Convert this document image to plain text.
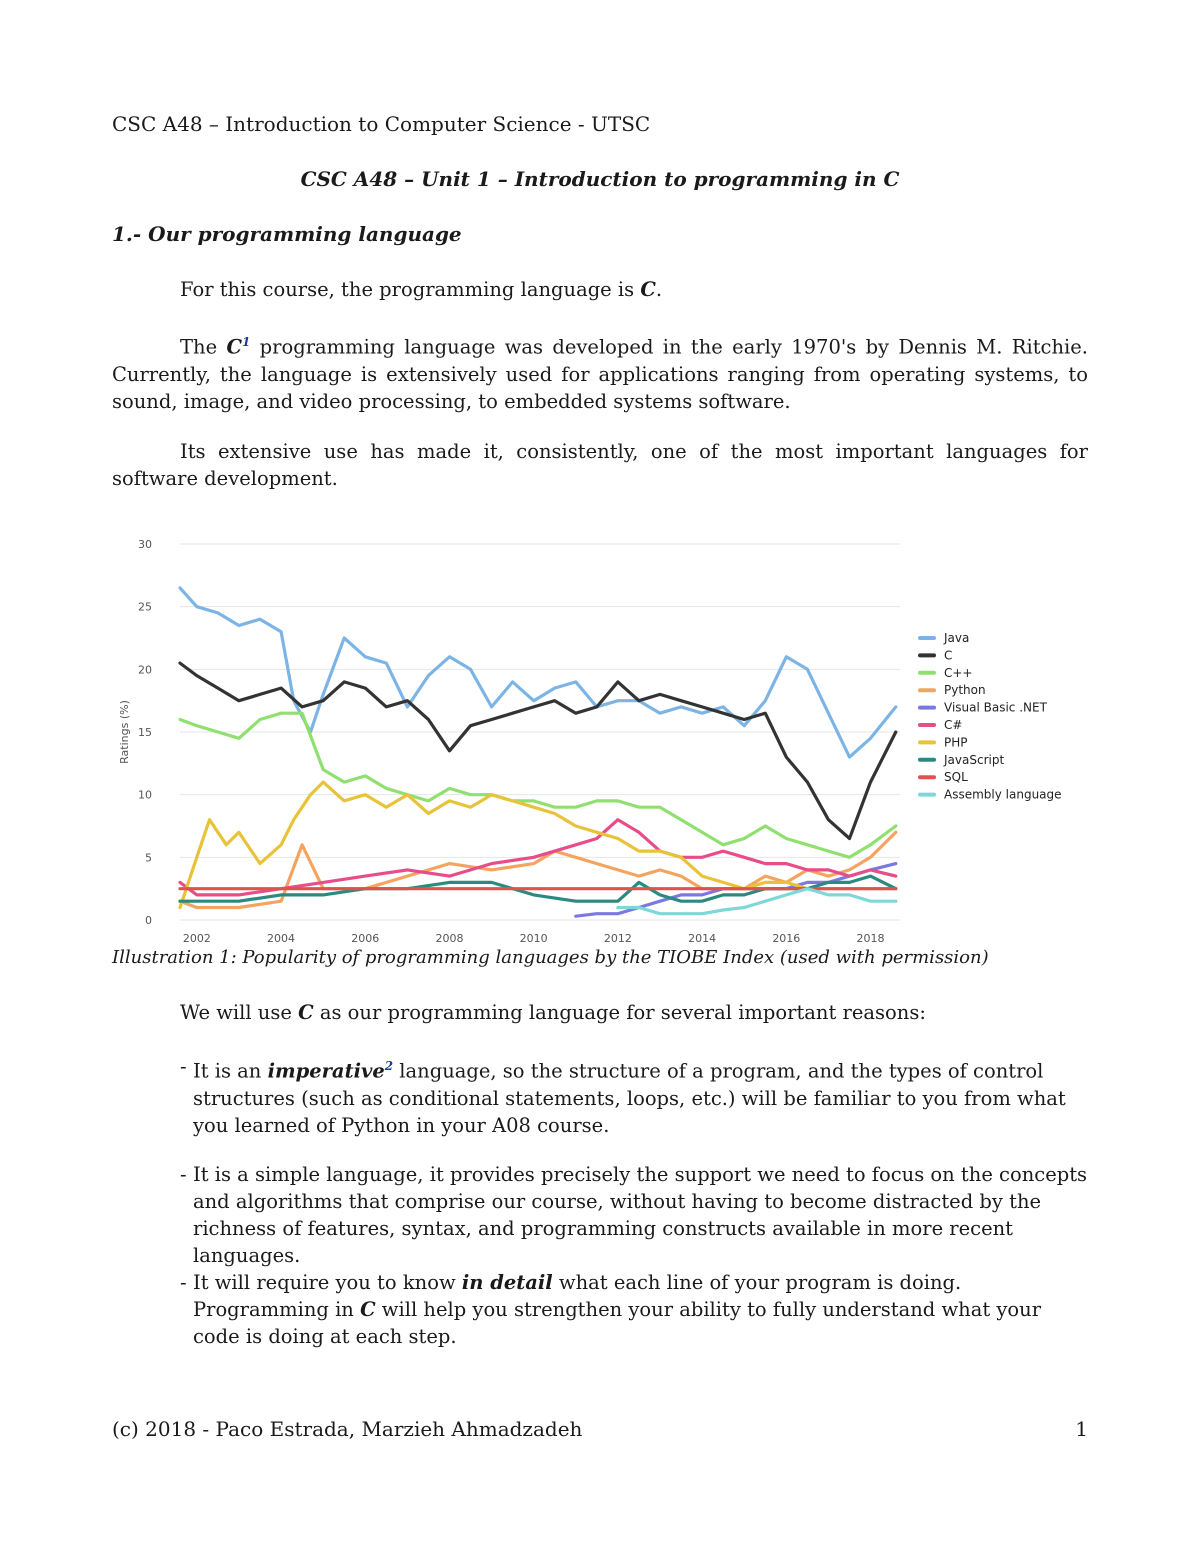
CSC A48 – Introduction to Computer Science - UTSC
CSC A48 – Unit 1 – Introduction to programming in C
1.- Our programming language
For this course, the programming language is C.
The $C^1$ programming language was developed in the early 1970's by Dennis M. Ritchie. Currently, the language is extensively used for applications ranging from operating systems, to sound, image, and video processing, to embedded systems software.
Its extensive use has made it, consistently, one of the most important languages for software development.
0
5
10
15
20
25
30
2002	2004	2006	2008	2010	2012	2014	2016	2018
Ratings (%)
Java
C
C++
Python
Visual Basic .NET
C#
PHP
JavaScript
SQL
Assembly language
Illustration 1: Popularity of programming languages by the TIOBE Index (used with permission)
We will use C as our programming language for several important reasons:
- It is an imperative$^2$ language, so the structure of a program, and the types of control structures (such as conditional statements, loops, etc.) will be familiar to you from what you learned of Python in your A08 course.
- It is a simple language, it provides precisely the support we need to focus on the concepts and algorithms that comprise our course, without having to become distracted by the richness of features, syntax, and programming constructs available in more recent languages.
- It will require you to know in detail what each line of your program is doing. Programming in C will help you strengthen your ability to fully understand what your code is doing at each step.
(c) 2018 - Paco Estrada, Marzieh Ahmadzadeh	1
